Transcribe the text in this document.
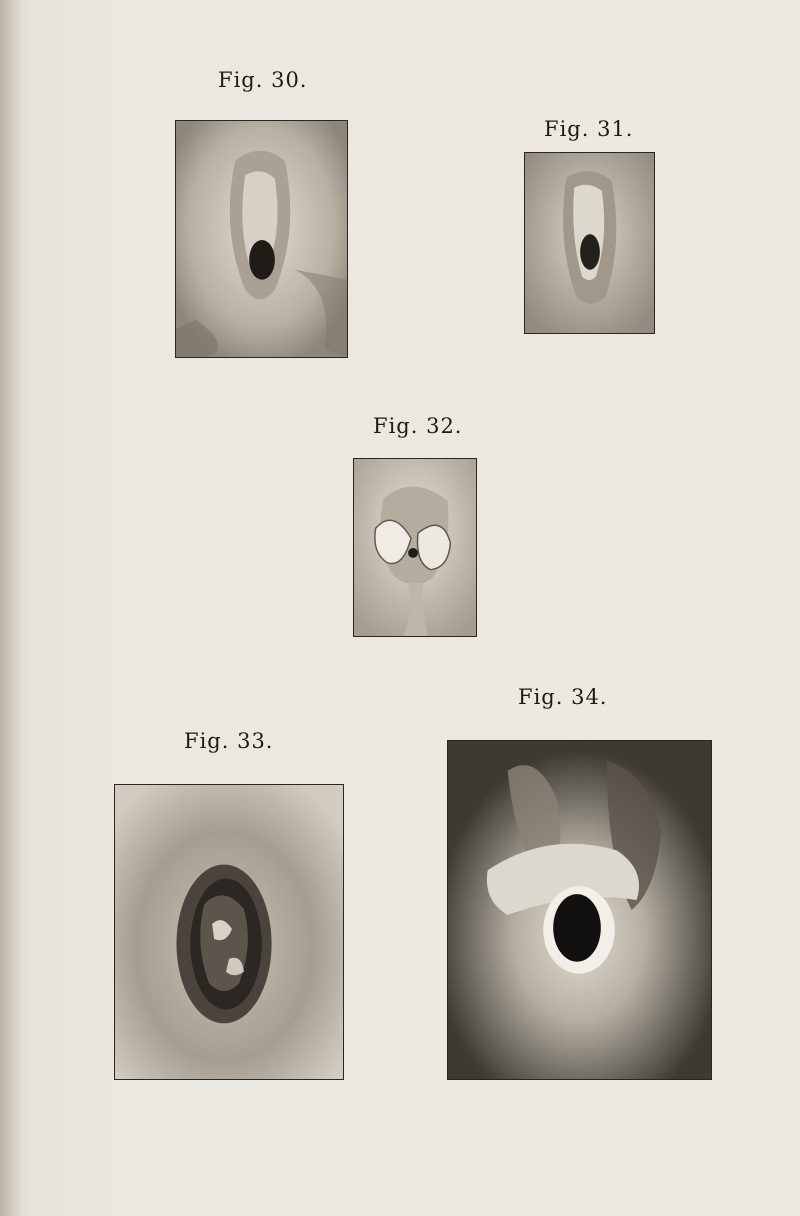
Fig. 30.
Fig. 31.
Fig. 32.
Fig. 33.
Fig. 34.
